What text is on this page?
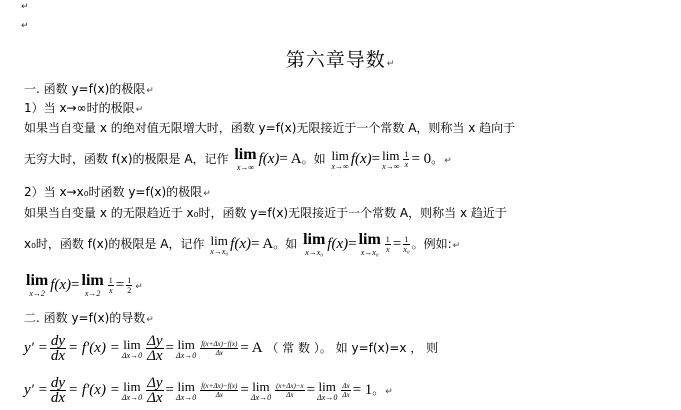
↵
↵
第六章导数↵
一. 函数 y=f(x)的极限↵
1）当 x→∞时的极限↵
如果当自变量 x 的绝对值无限增大时，函数 y=f(x)无限接近于一个常数 A，则称当 x 趋向于
无穷大时，函数 f(x)的极限是 A，记作 lim
x→∞
f(x)= A。如 lim
x→∞ f(x)= lim
$x\to\infty \frac{1}{x} = 0$。↵
2）当 x→x₀时函数 y=f(x)的极限↵
如果当自变量 x 的无限趋近于 x₀时，函数 y=f(x)无限接近于一个常数 A，则称当 x 趋近于
x₀时，函数 f(x)的极限是 A，记作 lim
x→x₀ f(x)= A。如 lim
x→x₀
f(x)= lim
$x\to x_0 \frac{1}{x} = \frac{1}{\text{x₀}}$ 。例如:↵
lim
x→2
f(x)= lim
$x\to 2 \frac{1}{x} = \frac{1}{2}$ ↵
二. 函数 y=f(x)的导数↵
$y' = \frac{dy}{dx} = f'(x) = \lim$
$\Delta x\to 0 \frac{\Delta y}{\Delta x} = \lim$
$\Delta x\to 0 \frac{f(x+\Delta x)-f(x)}{\Delta x} = A$ （ 常 数 ）。 如 y=f(x)=x ， 则
$y' = \frac{dy}{dx} = f'(x) = \lim$
$\Delta x\to 0 \frac{\Delta y}{\Delta x} = \lim$
$\Delta x\to 0 \frac{f(x+\Delta x)-f(x)}{\Delta x} = \lim$
$\Delta x\to 0 \frac{(x+\Delta x)-x}{\Delta x} = \lim$
$\Delta x\to 0 \frac{\Delta x}{\Delta x} = 1$。↵
